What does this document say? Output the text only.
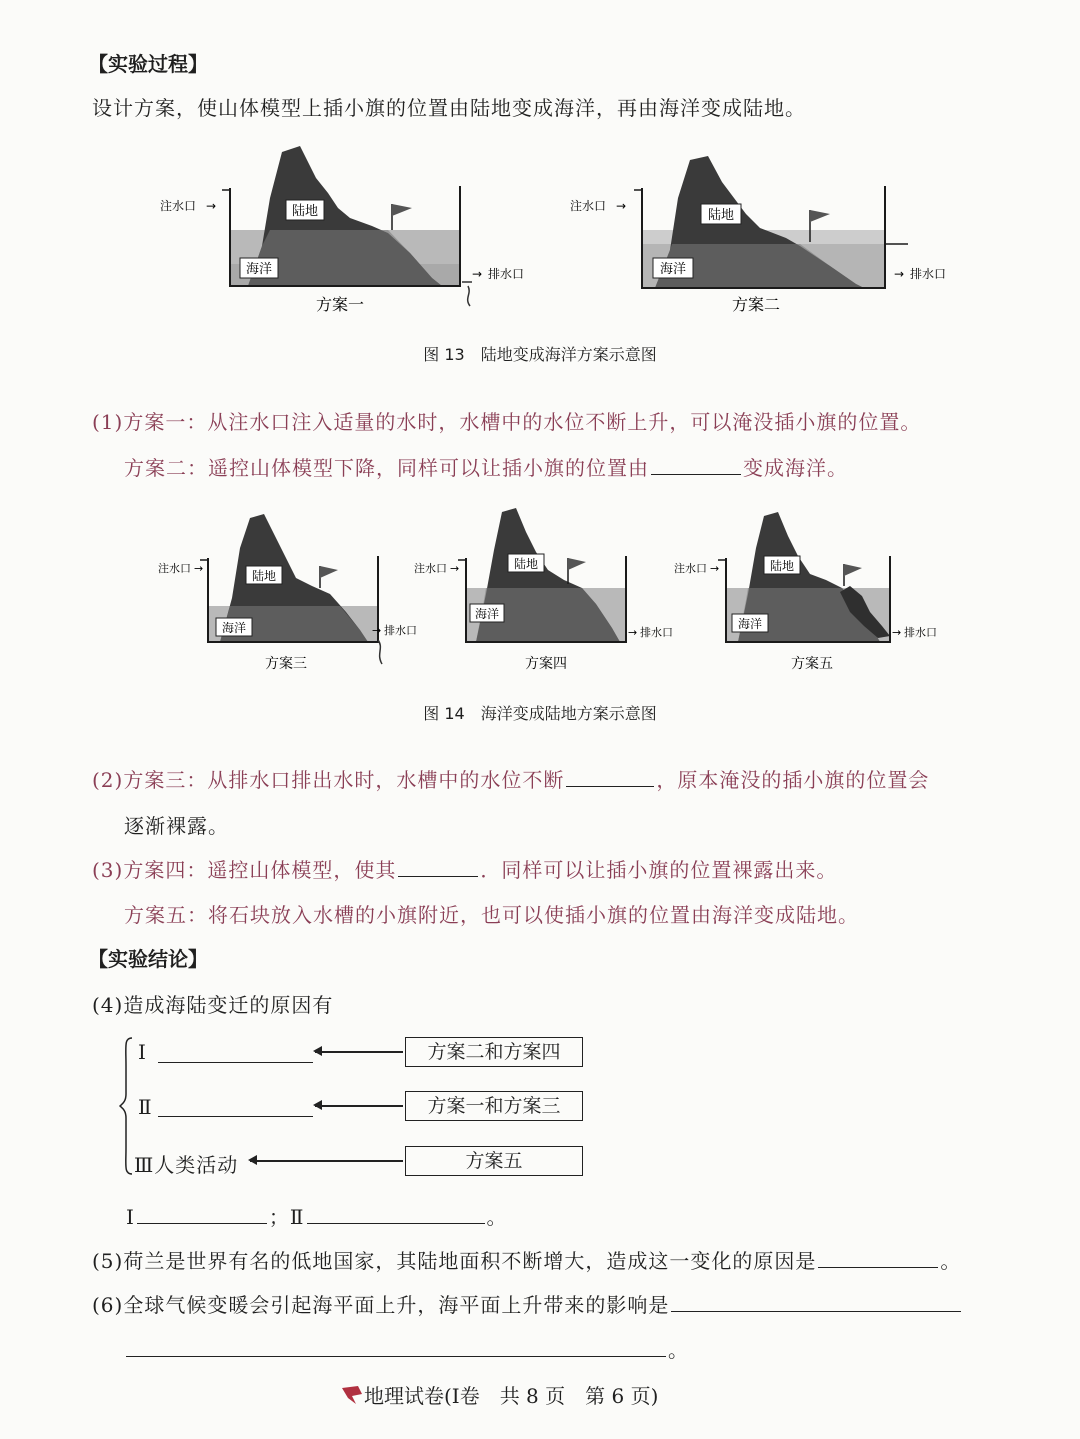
【实验过程】
设计方案，使山体模型上插小旗的位置由陆地变成海洋，再由海洋变成陆地。
海洋
陆地
注水口 →
→ 排水口
方案一
海洋
陆地
注水口 →
→ 排水口
方案二
图 13　陆地变成海洋方案示意图
(1)方案一：从注水口注入适量的水时，水槽中的水位不断上升，可以淹没插小旗的位置。
方案二：遥控山体模型下降，同样可以让插小旗的位置由	变成海洋。
海洋
陆地
注水口 →
→ 排水口
方案三
海洋
陆地
注水口 →
→ 排水口
方案四
海洋
陆地
注水口 →
→ 排水口
方案五
图 14　海洋变成陆地方案示意图
(2)方案三：从排水口排出水时，水槽中的水位不断	，原本淹没的插小旗的位置会
逐渐裸露。
(3)方案四：遥控山体模型，使其	．同样可以让插小旗的位置裸露出来。
方案五：将石块放入水槽的小旗附近，也可以使插小旗的位置由海洋变成陆地。
【实验结论】
(4)造成海陆变迁的原因有
Ⅰ	方案二和方案四
Ⅱ	方案一和方案三
Ⅲ人类活动	方案五
Ⅰ	；Ⅱ	。
(5)荷兰是世界有名的低地国家，其陆地面积不断增大，造成这一变化的原因是	。
(6)全球气候变暖会引起海平面上升，海平面上升带来的影响是
。
地理试卷(Ⅰ卷　共 8 页　第 6 页)
